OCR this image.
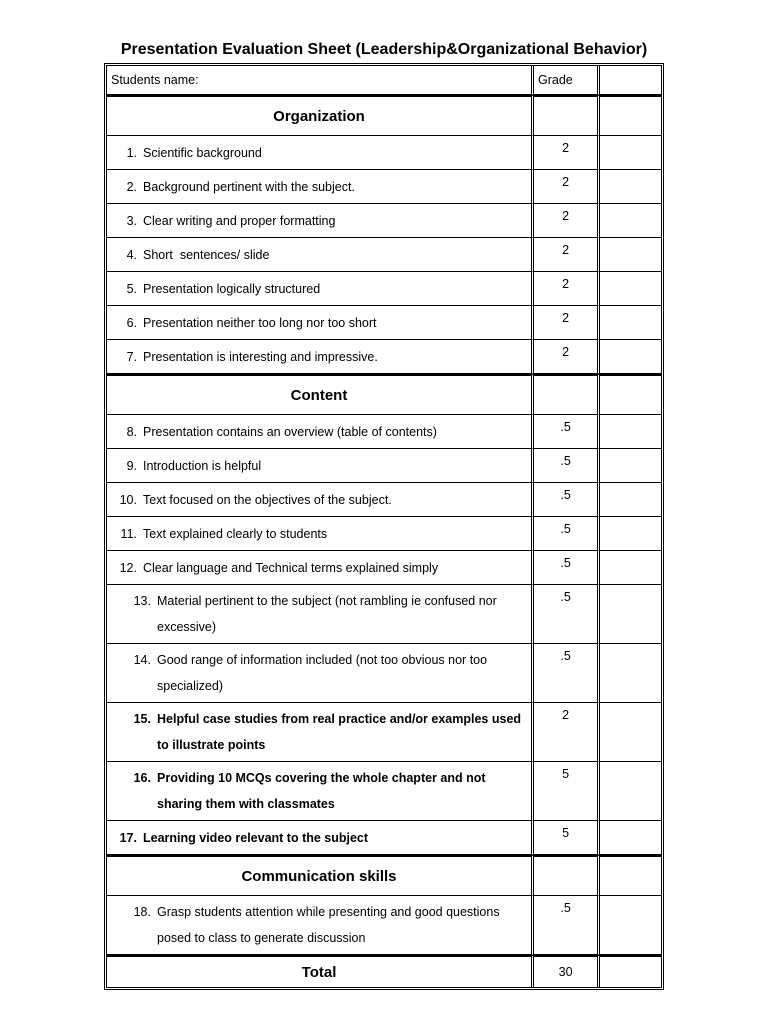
Presentation Evaluation Sheet (Leadership&Organizational Behavior)
Students name:	Grade	
Organization		
1. Scientific background	2	
2. Background pertinent with the subject.	2	
3. Clear writing and proper formatting	2	
4. Short  sentences/ slide	2	
5. Presentation logically structured	2	
6. Presentation neither too long nor too short	2	
7. Presentation is interesting and impressive.	2	
Content		
8. Presentation contains an overview (table of contents)	.5	
9. Introduction is helpful	.5	
10. Text focused on the objectives of the subject.	.5	
11. Text explained clearly to students	.5	
12. Clear language and Technical terms explained simply	.5	

13. Material pertinent to the subject (not rambling ie confused nor excessive)	.5	

14. Good range of information included (not too obvious nor too specialized)	.5	

15. Helpful case studies from real practice and/or examples used to illustrate points	2	

16. Providing 10 MCQs covering the whole chapter and not sharing them with classmates	5	
17. Learning video relevant to the subject	5	
Communication skills		

18. Grasp students attention while presenting and good questions posed to class to generate discussion	.5	
Total	30	
